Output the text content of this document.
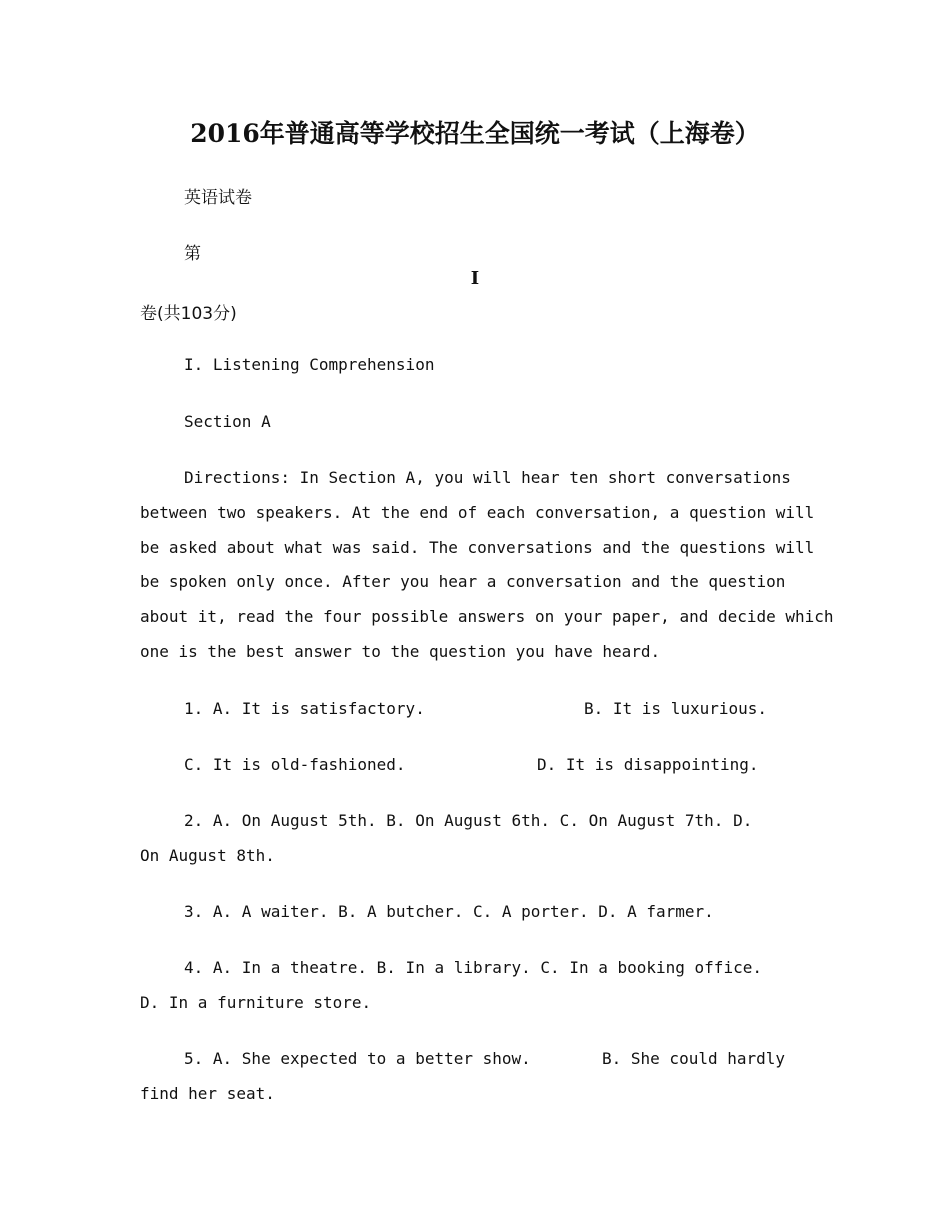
2016年普通高等学校招生全国统一考试（上海卷）
英语试卷
第
I
卷(共103分)
I. Listening Comprehension
Section A
Directions: In Section A, you will hear ten short conversations
between two speakers. At the end of each conversation, a question will
be asked about what was said. The conversations and the questions will
be spoken only once. After you hear a conversation and the question
about it, read the four possible answers on your paper, and decide which
one is the best answer to the question you have heard.
1. A. It is satisfactory.	B. It is luxurious.
C. It is old-fashioned.	D. It is disappointing.
2. A. On August 5th. B. On August 6th. C. On August 7th. D.
On August 8th.
3. A. A waiter. B. A butcher. C. A porter. D. A farmer.
4. A. In a theatre. B. In a library. C. In a booking office.
D. In a furniture store.
5. A. She expected to a better show.	B. She could hardly
find her seat.
